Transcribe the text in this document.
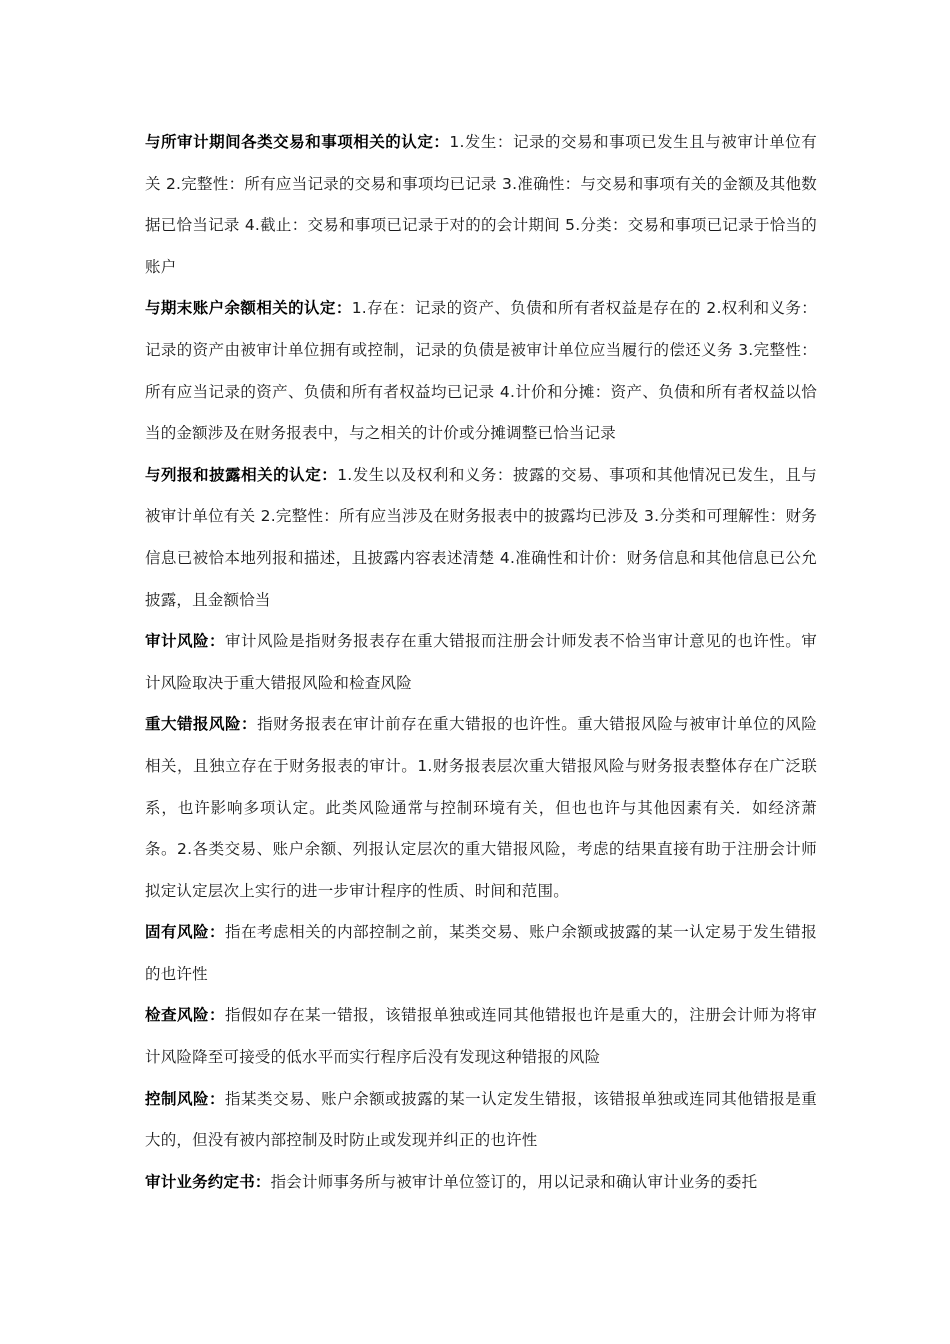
与所审计期间各类交易和事项相关的认定：1.发生：记录的交易和事项已发生且与被审计单位有关 2.完整性：所有应当记录的交易和事项均已记录 3.准确性：与交易和事项有关的金额及其他数据已恰当记录 4.截止：交易和事项已记录于对的的会计期间 5.分类：交易和事项已记录于恰当的账户

与期末账户余额相关的认定：1.存在：记录的资产、负债和所有者权益是存在的 2.权利和义务：记录的资产由被审计单位拥有或控制，记录的负债是被审计单位应当履行的偿还义务 3.完整性：所有应当记录的资产、负债和所有者权益均已记录 4.计价和分摊：资产、负债和所有者权益以恰当的金额涉及在财务报表中，与之相关的计价或分摊调整已恰当记录

与列报和披露相关的认定：1.发生以及权利和义务：披露的交易、事项和其他情况已发生，且与被审计单位有关 2.完整性：所有应当涉及在财务报表中的披露均已涉及 3.分类和可理解性：财务信息已被恰本地列报和描述，且披露内容表述清楚 4.准确性和计价：财务信息和其他信息已公允披露，且金额恰当

审计风险：审计风险是指财务报表存在重大错报而注册会计师发表不恰当审计意见的也许性。审计风险取决于重大错报风险和检查风险

重大错报风险：指财务报表在审计前存在重大错报的也许性。重大错报风险与被审计单位的风险相关，且独立存在于财务报表的审计。1.财务报表层次重大错报风险与财务报表整体存在广泛联系，也许影响多项认定。此类风险通常与控制环境有关，但也也许与其他因素有关．如经济萧条。2.各类交易、账户余额、列报认定层次的重大错报风险，考虑的结果直接有助于注册会计师拟定认定层次上实行的进一步审计程序的性质、时间和范围。

固有风险：指在考虑相关的内部控制之前，某类交易、账户余额或披露的某一认定易于发生错报的也许性

检查风险：指假如存在某一错报，该错报单独或连同其他错报也许是重大的，注册会计师为将审计风险降至可接受的低水平而实行程序后没有发现这种错报的风险

控制风险：指某类交易、账户余额或披露的某一认定发生错报，该错报单独或连同其他错报是重大的，但没有被内部控制及时防止或发现并纠正的也许性

审计业务约定书：指会计师事务所与被审计单位签订的，用以记录和确认审计业务的委托
